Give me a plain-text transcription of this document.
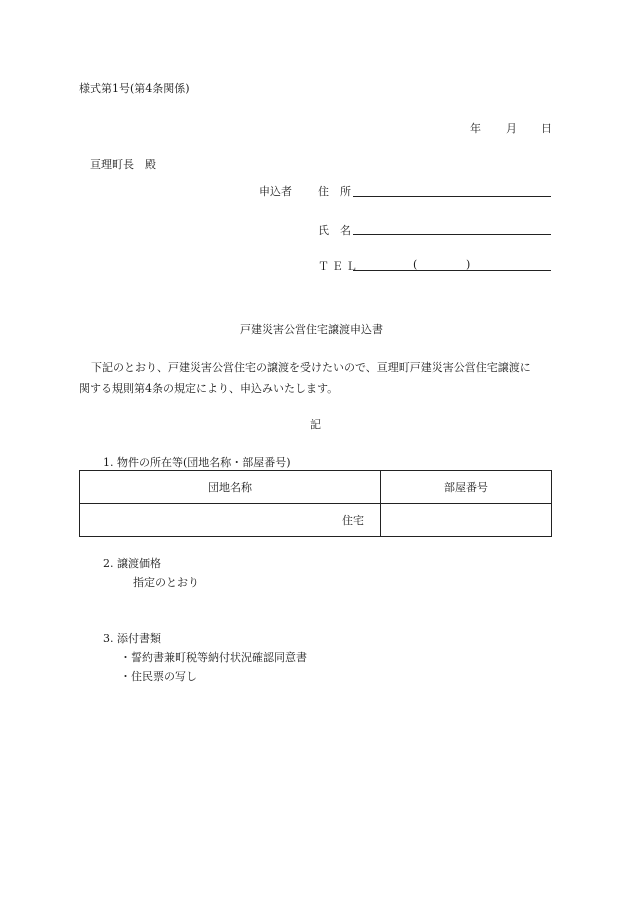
様式第1号(第4条関係)
年 月 日
亘理町長　殿
申込者 住　所
氏　名
ＴＥＬ	(	)
戸建災害公営住宅譲渡申込書
下記のとおり、戸建災害公営住宅の譲渡を受けたいので、亘理町戸建災害公営住宅譲渡に
関する規則第4条の規定により、申込みいたします。
記
1. 物件の所在等(団地名称・部屋番号)
団地名称	部屋番号
住宅	
2. 譲渡価格
指定のとおり
3. 添付書類
・誓約書兼町税等納付状況確認同意書
・住民票の写し
